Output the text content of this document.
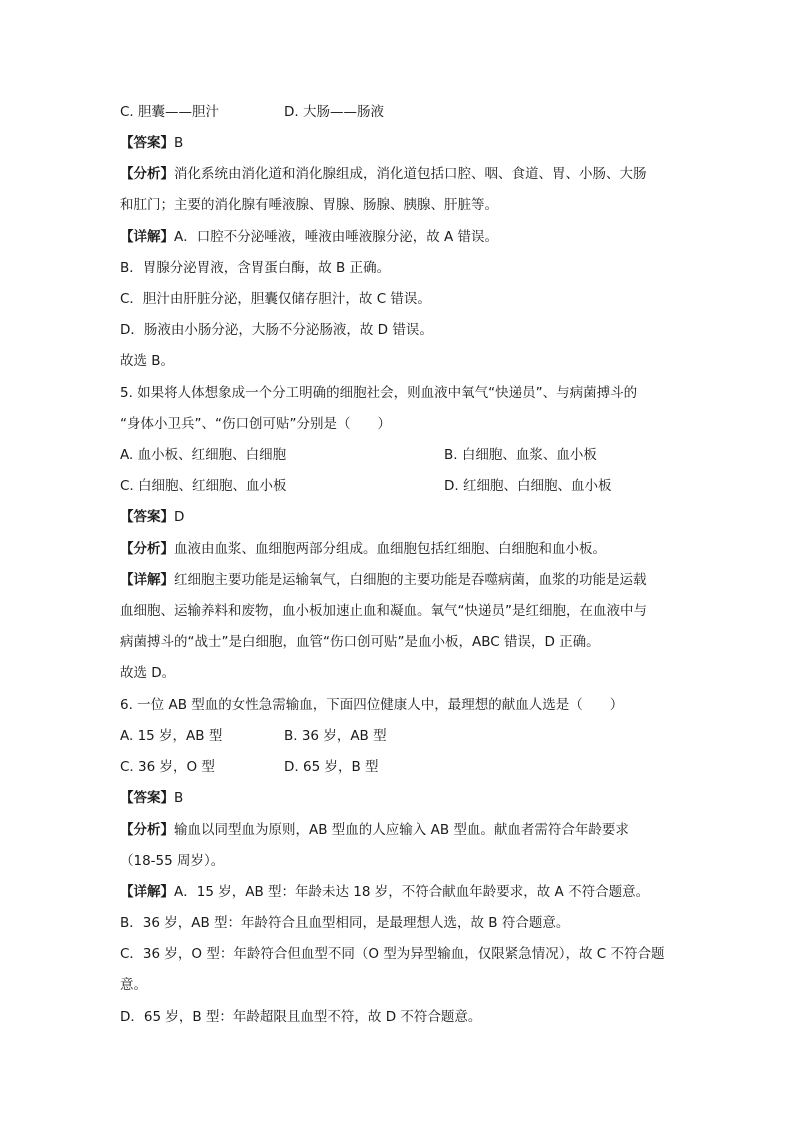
C. 胆囊——胆汁	D. 大肠——肠液
【答案】B
【分析】消化系统由消化道和消化腺组成，消化道包括口腔、咽、食道、胃、小肠、大肠
和肛门；主要的消化腺有唾液腺、胃腺、肠腺、胰腺、肝脏等。
【详解】A．口腔不分泌唾液，唾液由唾液腺分泌，故 A 错误。
B．胃腺分泌胃液，含胃蛋白酶，故 B 正确。
C．胆汁由肝脏分泌，胆囊仅储存胆汁，故 C 错误。
D．肠液由小肠分泌，大肠不分泌肠液，故 D 错误。
故选 B。
5. 如果将人体想象成一个分工明确的细胞社会，则血液中氧气“快递员”、与病菌搏斗的
“身体小卫兵”、“伤口创可贴”分别是（　　）
A. 血小板、红细胞、白细胞	B. 白细胞、血浆、血小板
C. 白细胞、红细胞、血小板	D. 红细胞、白细胞、血小板
【答案】D
【分析】血液由血浆、血细胞两部分组成。血细胞包括红细胞、白细胞和血小板。
【详解】红细胞主要功能是运输氧气，白细胞的主要功能是吞噬病菌，血浆的功能是运载
血细胞、运输养料和废物，血小板加速止血和凝血。氧气“快递员”是红细胞，在血液中与
病菌搏斗的“战士”是白细胞，血管“伤口创可贴”是血小板，ABC 错误，D 正确。
故选 D。
6. 一位 AB 型血的女性急需输血，下面四位健康人中，最理想的献血人选是（　　）
A. 15 岁，AB 型	B. 36 岁，AB 型
C. 36 岁，O 型	D. 65 岁，B 型
【答案】B
【分析】输血以同型血为原则，AB 型血的人应输入 AB 型血。献血者需符合年龄要求
（18-55 周岁）。
【详解】A．15 岁，AB 型：年龄未达 18 岁，不符合献血年龄要求，故 A 不符合题意。
B．36 岁，AB 型：年龄符合且血型相同，是最理想人选，故 B 符合题意。
C．36 岁，O 型：年龄符合但血型不同（O 型为异型输血，仅限紧急情况），故 C 不符合题
意。
D．65 岁，B 型：年龄超限且血型不符，故 D 不符合题意。
